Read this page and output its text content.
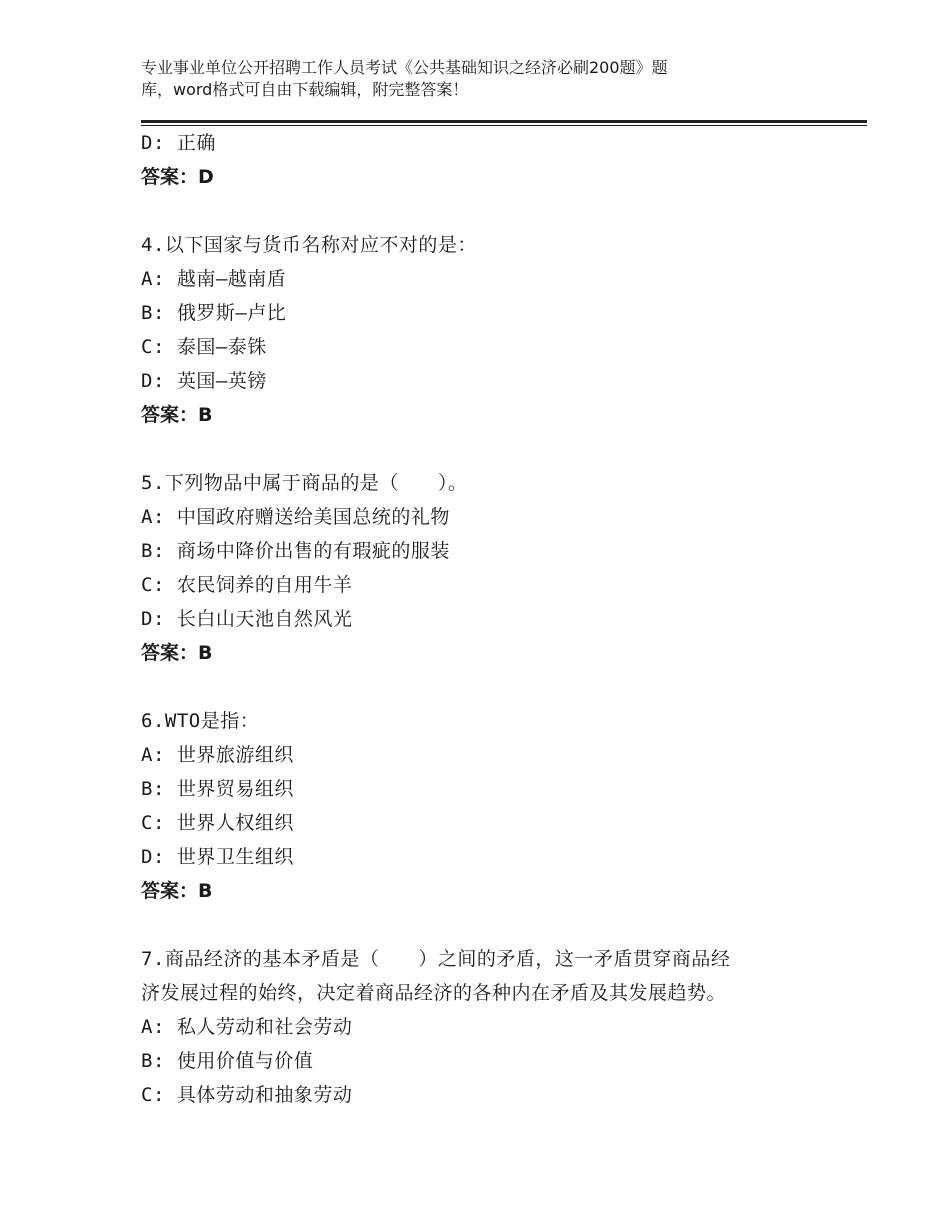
专业事业单位公开招聘工作人员考试《公共基础知识之经济必刷200题》题
库，word格式可自由下载编辑，附完整答案！
D: 正确
答案：D
4.以下国家与货币名称对应不对的是：
A: 越南—越南盾
B: 俄罗斯—卢比
C: 泰国—泰铢
D: 英国—英镑
答案：B
5.下列物品中属于商品的是（　　）。
A: 中国政府赠送给美国总统的礼物
B: 商场中降价出售的有瑕疵的服装
C: 农民饲养的自用牛羊
D: 长白山天池自然风光
答案：B
6.WTO是指：
A: 世界旅游组织
B: 世界贸易组织
C: 世界人权组织
D: 世界卫生组织
答案：B
7.商品经济的基本矛盾是（　　）之间的矛盾，这一矛盾贯穿商品经
济发展过程的始终，决定着商品经济的各种内在矛盾及其发展趋势。
A: 私人劳动和社会劳动
B: 使用价值与价值
C: 具体劳动和抽象劳动
